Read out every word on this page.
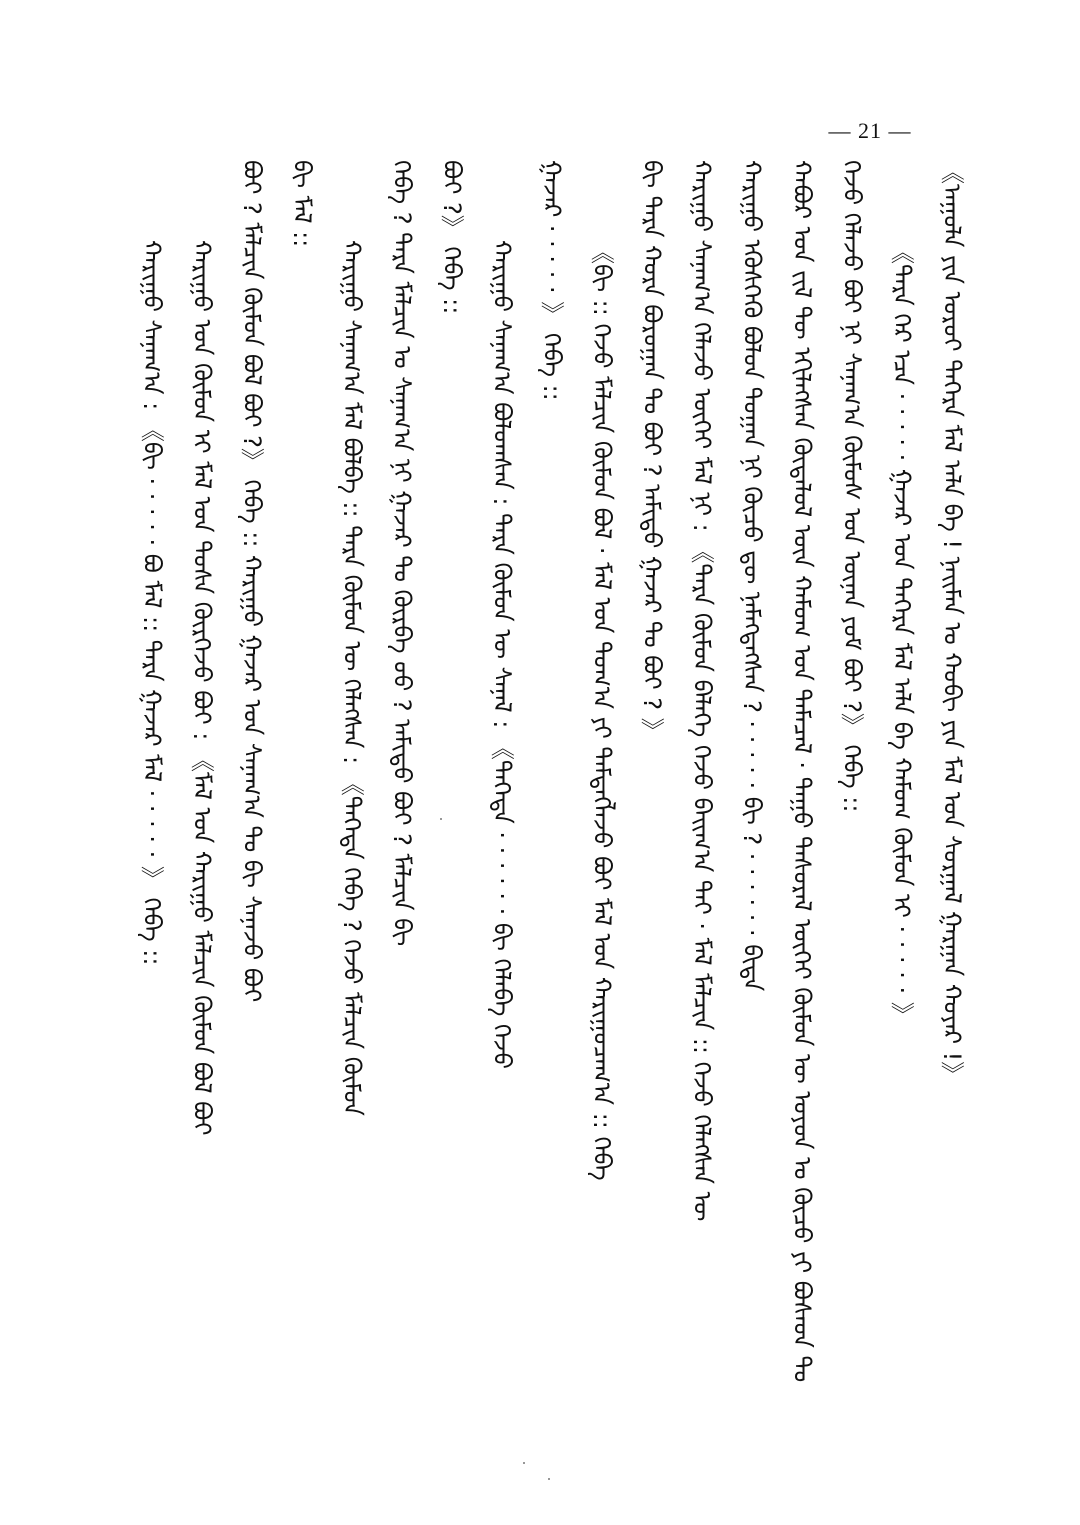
— 21 —
《ᠠᠭᠤᠯᠠ ᠶᠢᠨ ᠣᠷᠣᠢ ᠳᠡᠭᠡᠷᠡ ᠮᠠᠯ ᠠᠯᠠ ᠪᠠ ! ᠨᠠᠢᠮᠠᠨ ᠤ ᠬᠤᠪᠢ ᠶᠢᠨ ᠮᠠᠯ ᠤᠨ ᠰᠤᠷᠭᠠᠯ ᠭᠠᠷᠭᠠᠨ ᠬᠣᠶᠠᠷ !》
《ᠲᠡᠷᠡ ᠭᠡᠷ ᠡᠴᠡ · · · · · ᠭᠠᠵᠠᠷ ᠤᠨ ᠳᠡᠭᠡᠷᠡ ᠮᠠᠯ ᠠᠯᠠ ᠪᠠ ᠬᠠᠮᠤᠭ ᠬᠦᠮᠦᠨ ᠢ · · · · · 》
ᠭᠡᠵᠦ ᠬᠡᠯᠡᠵᠦ ᠪᠤᠢ ᠨᠢ ᠰᠠᠨᠠᠭ᠎ᠠ ᠬᠦᠮᠦᠰ ᠤᠨ ᠦᠨᠡᠨ ᠶᠤᠮ ᠪᠤᠢ ?》 ᠭᠡᠪᠡ ::
ᠬᠠᠪᠤᠷ ᠤᠨ ᠵᠢᠯ ᠲᠦ ᠡᠬᠢᠯᠡᠭᠰᠡᠨ ᠬᠦᠳᠡᠯᠦᠯ ᠦᠨ ᠬᠠᠮᠤᠭ ᠤᠨ ᠲᠡᠮᠡᠴᠡᠯ · ᠳᠠᠭᠤ ᠲᠠᠰᠤᠷᠠᠯ ᠦᠭᠡᠢ ᠬᠦᠮᠦᠨ ᠦ ᠣᠶᠤᠨ ᠤ ᠬᠦᠴᠦ ᠶᠢ ᠪᠤᠰᠠᠳ ᠲᠤ
ᠬᠠᠷᠢᠭᠤ ᠡᠭᠦᠰᠬᠡᠬᠦ ᠪᠤᠯᠤᠨ ᠲᠣᠭᠠᠨ ᠨᠢ ᠬᠦᠴᠦ ᠳᠦ ᠨᠡᠮᠡᠭᠳᠡᠭᠰᠡᠨ ? · · · · · ᠪᠢ ? · · · · · · ᠪᠢᠳᠡ
ᠬᠠᠷᠢᠭᠤ ᠰᠠᠨᠠᠭ᠎ᠠ ᠬᠡᠯᠡᠵᠦ ᠦᠭᠡᠢ ᠮᠠᠯ ᠨᠢ : 《ᠲᠡᠷᠡ ᠬᠦᠮᠦᠨ ᠪᠡᠯᠡᠬᠡ ᠭᠡᠵᠦ ᠪᠠᠢᠭ᠎ᠠ ᠲᠠᠢ · ᠮᠠᠯ ᠮᠠᠯᠴᠢᠨ :: ᠭᠡᠵᠦ ᠬᠡᠯᠡᠭᠰᠡᠨ ᠦ
ᠪᠢ ᠲᠡᠷᠡ ᠬᠤᠷᠠ ᠪᠣᠷᠣᠭᠠᠨ ᠲᠤ ᠪᠤᠢ ? ᠠᠮᠢᠳᠤ ᠭᠠᠵᠠᠷ ᠲᠤ ᠪᠤᠢ ? 》
《ᠪᠢ :: ᠭᠡᠵᠦ ᠮᠠᠯᠴᠢᠨ ᠬᠦᠮᠦᠨ ᠪᠤᠯ · ᠮᠠᠯ ᠤᠨ ᠲᠣᠭ᠎ᠠ ᠶᠢ ᠲᠡᠮᠳᠡᠭᠯᠡᠵᠦ ᠪᠤᠢ ᠮᠠᠯ ᠤᠨ ᠬᠠᠷᠢᠭᠤᠴᠠᠭ᠎ᠠ :: ᠭᠡᠪᠡ
ᠭᠠᠵᠠᠷ · · · · · 》 ᠭᠡᠪᠡ ::
ᠬᠠᠷᠢᠭᠤ ᠰᠠᠨᠠᠭ᠎ᠠ ᠪᠤᠯᠤᠭᠰᠠᠨ : ᠲᠡᠷᠡ ᠬᠦᠮᠦᠨ ᠦ ᠰᠠᠨᠠᠯ : 《ᠲᠡᠭᠡᠳᠡ · · · · · · ᠪᠢ ᠬᠡᠯᠡᠪᠡ ᠭᠡᠵᠦ
ᠪᠤᠢ ?》 ᠭᠡᠪᠡ ::
ᠭᠡᠪᠡ ? ᠲᠡᠷᠡ ᠮᠠᠯᠴᠢᠨ ᠤ ᠰᠠᠨᠠᠭ᠎ᠠ ᠨᠢ ᠭᠠᠵᠠᠷ ᠲᠤ ᠬᠦᠷᠪᠡ ᠤᠤ ? ᠠᠮᠢᠳᠤ ᠪᠤᠢ ? ᠮᠠᠯᠴᠢᠨ ᠪᠢ
ᠬᠠᠷᠢᠭᠤ ᠰᠠᠨᠠᠭ᠎ᠠ ᠮᠠᠯ ᠪᠣᠯᠪᠠ :: ᠲᠡᠷᠡ ᠬᠦᠮᠦᠨ ᠦ ᠬᠡᠯᠡᠭᠰᠡᠨ : 《ᠲᠡᠭᠡᠳᠡ ᠭᠡᠪᠡ ? ᠭᠡᠵᠦ ᠮᠠᠯᠴᠢᠨ ᠬᠦᠮᠦᠨ
ᠪᠢ ᠮᠠᠯ ::
ᠪᠤᠢ ? ᠮᠠᠯᠴᠢᠨ ᠬᠦᠮᠦᠨ ᠪᠤᠯ ᠪᠤᠢ ?》 ᠭᠡᠪᠡ :: ᠬᠠᠷᠢᠭᠤ ᠭᠠᠵᠠᠷ ᠤᠨ ᠰᠠᠨᠠᠭ᠎ᠠ ᠲᠤ ᠪᠢ ᠰᠠᠨᠠᠵᠤ ᠪᠤᠢ
ᠬᠠᠷᠢᠭᠤ ᠤᠨ ᠬᠦᠮᠦᠨ ᠢ ᠮᠠᠯ ᠤᠨ ᠲᠤᠰᠠ ᠬᠦᠷᠭᠡᠵᠦ ᠪᠤᠢ : 《ᠮᠠᠯ ᠤᠨ ᠬᠠᠷᠢᠭᠤ ᠮᠠᠯᠴᠢᠨ ᠬᠦᠮᠦᠨ ᠪᠤᠯ ᠪᠤᠢ
ᠬᠠᠷᠢᠭᠤ ᠰᠠᠨᠠᠭ᠎ᠠ : 《ᠪᠢ · · · · · ᠪᠤ ᠮᠠᠯ :: ᠲᠡᠷᠡ ᠭᠠᠵᠠᠷ ᠮᠠᠯ · · · · · 》 ᠭᠡᠪᠡ ::
